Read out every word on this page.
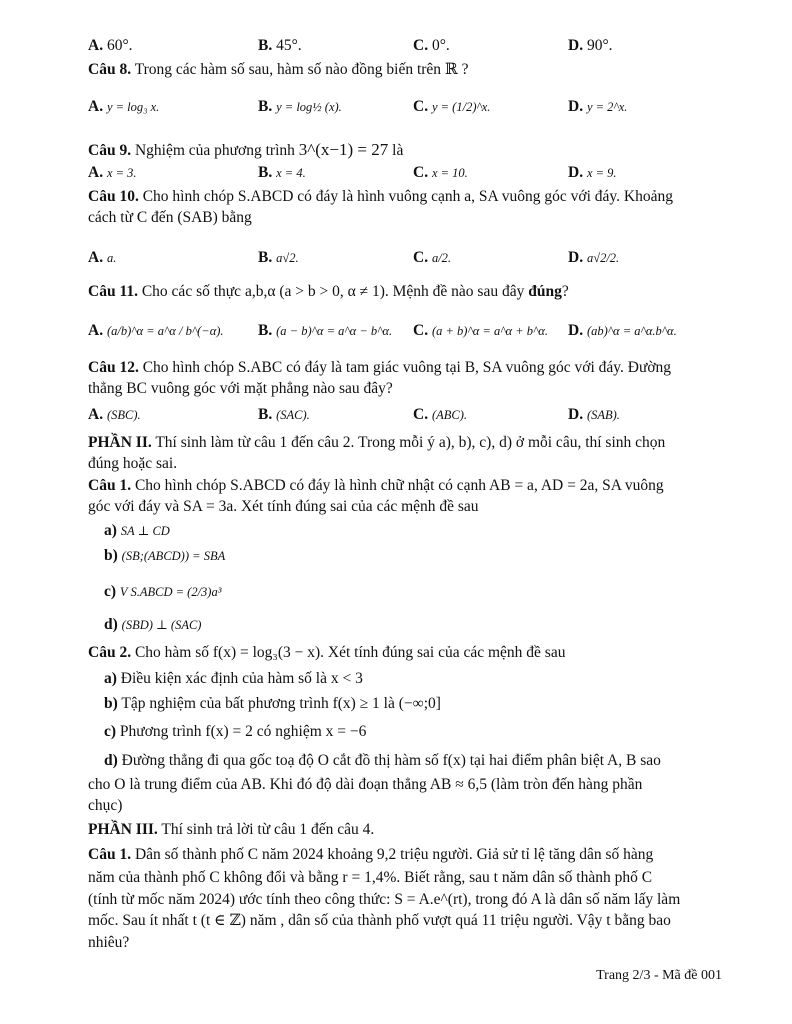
A. 60°.	B. 45°.	C. 0°.	D. 90°.
Câu 8. Trong các hàm số sau, hàm số nào đồng biến trên ℝ ?
A. y = log₃ x.	B. y = log½ (x).	C. y = (1/2)^x.	D. y = 2^x.
Câu 9. Nghiệm của phương trình 3^(x−1) = 27 là
A. x = 3.	B. x = 4.	C. x = 10.	D. x = 9.
Câu 10. Cho hình chóp S.ABCD có đáy là hình vuông cạnh a, SA vuông góc với đáy. Khoảng
cách từ C đến (SAB) bằng
A. a.	B. a√2.	C. a/2.	D. a√2/2.
Câu 11. Cho các số thực a,b,α (a > b > 0, α ≠ 1). Mệnh đề nào sau đây đúng?
A. (a/b)^α = a^α / b^(−α). B. (a − b)^α = a^α − b^α. C. (a + b)^α = a^α + b^α. D. (ab)^α = a^α.b^α.
Câu 12. Cho hình chóp S.ABC có đáy là tam giác vuông tại B, SA vuông góc với đáy. Đường
thẳng BC vuông góc với mặt phẳng nào sau đây?
A. (SBC).	B. (SAC).	C. (ABC).	D. (SAB).
PHẦN II. Thí sinh làm từ câu 1 đến câu 2. Trong mỗi ý a), b), c), d) ở mỗi câu, thí sinh chọn
đúng hoặc sai.
Câu 1. Cho hình chóp S.ABCD có đáy là hình chữ nhật có cạnh AB = a, AD = 2a, SA vuông
góc với đáy và SA = 3a. Xét tính đúng sai của các mệnh đề sau
a) SA ⊥ CD
b) (SB;(ABCD)) = SBA
c) V S.ABCD = (2/3)a³
d) (SBD) ⊥ (SAC)
Câu 2. Cho hàm số f(x) = log₃(3 − x). Xét tính đúng sai của các mệnh đề sau
a) Điều kiện xác định của hàm số là x < 3
b) Tập nghiệm của bất phương trình f(x) ≥ 1 là (−∞;0]
c) Phương trình f(x) = 2 có nghiệm x = −6
d) Đường thẳng đi qua gốc toạ độ O cắt đồ thị hàm số f(x) tại hai điểm phân biệt A, B sao
cho O là trung điểm của AB. Khi đó độ dài đoạn thẳng AB ≈ 6,5 (làm tròn đến hàng phần
chục)
PHẦN III. Thí sinh trả lời từ câu 1 đến câu 4.
Câu 1. Dân số thành phố C năm 2024 khoảng 9,2 triệu người. Giả sử tỉ lệ tăng dân số hàng
năm của thành phố C không đổi và bằng r = 1,4%. Biết rằng, sau t năm dân số thành phố C
(tính từ mốc năm 2024) ước tính theo công thức: S = A.e^(rt), trong đó A là dân số năm lấy làm
mốc. Sau ít nhất t (t ∈ ℤ) năm , dân số của thành phố vượt quá 11 triệu người. Vậy t bằng bao
nhiêu?
Trang 2/3 - Mã đề 001
